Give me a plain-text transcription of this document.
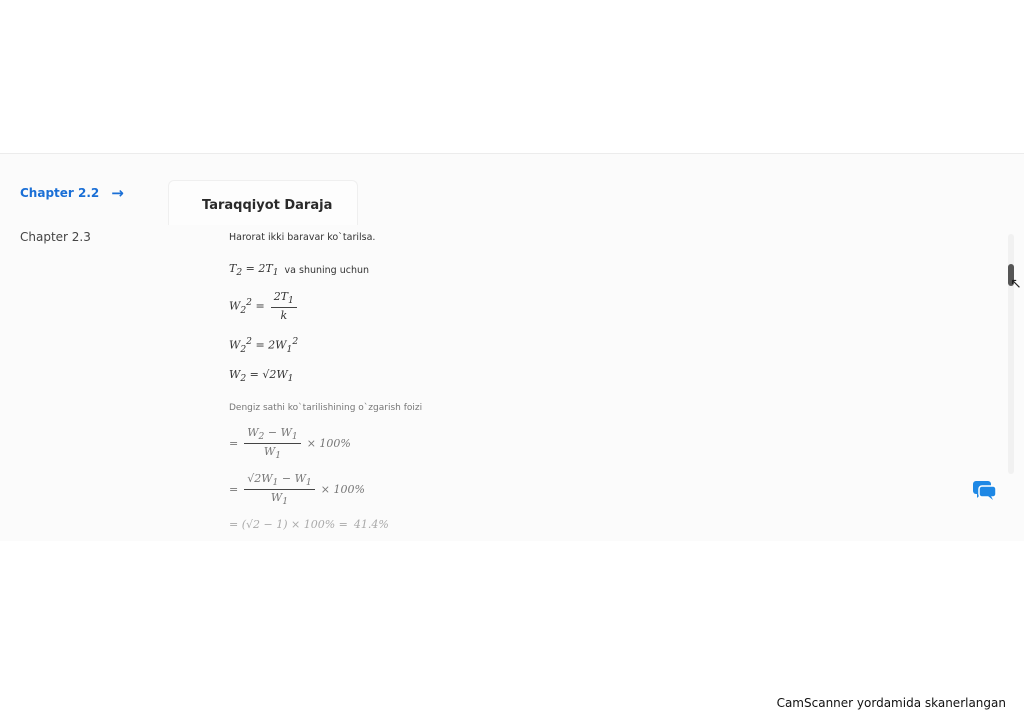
Chapter 2.2 →
Chapter 2.3
Taraqqiyot Daraja

Harorat ikki baravar ko`tarilsa.

$T_2 = 2T_1$ va shuning uchun
$W_2^2 = \frac{2T_1}{k}$
$W_2^2 = 2W_1^2$
$W_2 = √2W_1$

Dengiz sathi ko`tarilishining o`zgarish foizi

= $\frac{W_2 - W_1}{W_1} \times 100\%$
= $\frac{√2W_1 - W_1}{W_1} \times 100\%$
= (√2 − 1) × 100% = 41.4%
↖
CamScanner yordamida skanerlangan
